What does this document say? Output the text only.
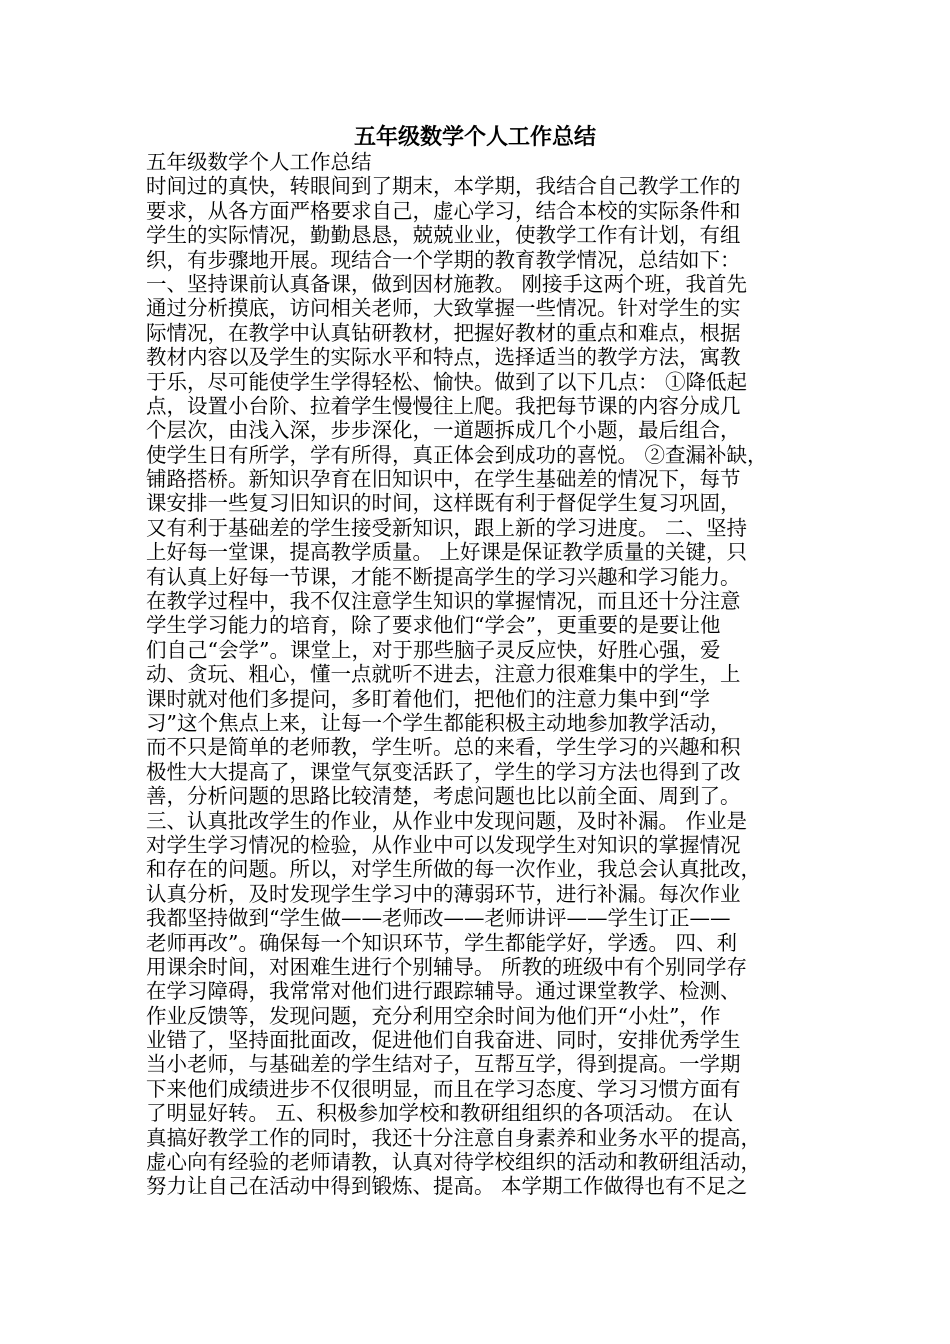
五年级数学个人工作总结
五年级数学个人工作总结
时间过的真快，转眼间到了期末，本学期，我结合自己教学工作的
要求，从各方面严格要求自己，虚心学习，结合本校的实际条件和
学生的实际情况，勤勤恳恳，兢兢业业，使教学工作有计划，有组
织，有步骤地开展。现结合一个学期的教育教学情况，总结如下：
一、坚持课前认真备课，做到因材施教。 刚接手这两个班，我首先
通过分析摸底，访问相关老师，大致掌握一些情况。针对学生的实
际情况，在教学中认真钻研教材，把握好教材的重点和难点，根据
教材内容以及学生的实际水平和特点，选择适当的教学方法，寓教
于乐，尽可能使学生学得轻松、愉快。做到了以下几点： ①降低起
点，设置小台阶、拉着学生慢慢往上爬。我把每节课的内容分成几
个层次，由浅入深，步步深化，一道题拆成几个小题，最后组合，
使学生日有所学，学有所得，真正体会到成功的喜悦。 ②查漏补缺，
铺路搭桥。新知识孕育在旧知识中，在学生基础差的情况下，每节
课安排一些复习旧知识的时间，这样既有利于督促学生复习巩固，
又有利于基础差的学生接受新知识，跟上新的学习进度。 二、坚持
上好每一堂课，提高教学质量。 上好课是保证教学质量的关键，只
有认真上好每一节课，才能不断提高学生的学习兴趣和学习能力。
在教学过程中，我不仅注意学生知识的掌握情况，而且还十分注意
学生学习能力的培育，除了要求他们“学会”，更重要的是要让他
们自己“会学”。课堂上，对于那些脑子灵反应快，好胜心强，爱
动、贪玩、粗心，懂一点就听不进去，注意力很难集中的学生，上
课时就对他们多提问，多盯着他们，把他们的注意力集中到“学
习”这个焦点上来，让每一个学生都能积极主动地参加教学活动，
而不只是简单的老师教，学生听。总的来看，学生学习的兴趣和积
极性大大提高了，课堂气氛变活跃了，学生的学习方法也得到了改
善，分析问题的思路比较清楚，考虑问题也比以前全面、周到了。
三、认真批改学生的作业，从作业中发现问题，及时补漏。 作业是
对学生学习情况的检验，从作业中可以发现学生对知识的掌握情况
和存在的问题。所以，对学生所做的每一次作业，我总会认真批改，
认真分析，及时发现学生学习中的薄弱环节，进行补漏。每次作业
我都坚持做到“学生做——老师改——老师讲评——学生订正——
老师再改”。确保每一个知识环节，学生都能学好，学透。 四、利
用课余时间，对困难生进行个别辅导。 所教的班级中有个别同学存
在学习障碍，我常常对他们进行跟踪辅导。通过课堂教学、检测、
作业反馈等，发现问题，充分利用空余时间为他们开“小灶”，作
业错了，坚持面批面改，促进他们自我奋进、同时，安排优秀学生
当小老师，与基础差的学生结对子，互帮互学，得到提高。一学期
下来他们成绩进步不仅很明显，而且在学习态度、学习习惯方面有
了明显好转。 五、积极参加学校和教研组组织的各项活动。 在认
真搞好教学工作的同时，我还十分注意自身素养和业务水平的提高，
虚心向有经验的老师请教，认真对待学校组织的活动和教研组活动，
努力让自己在活动中得到锻炼、提高。 本学期工作做得也有不足之
